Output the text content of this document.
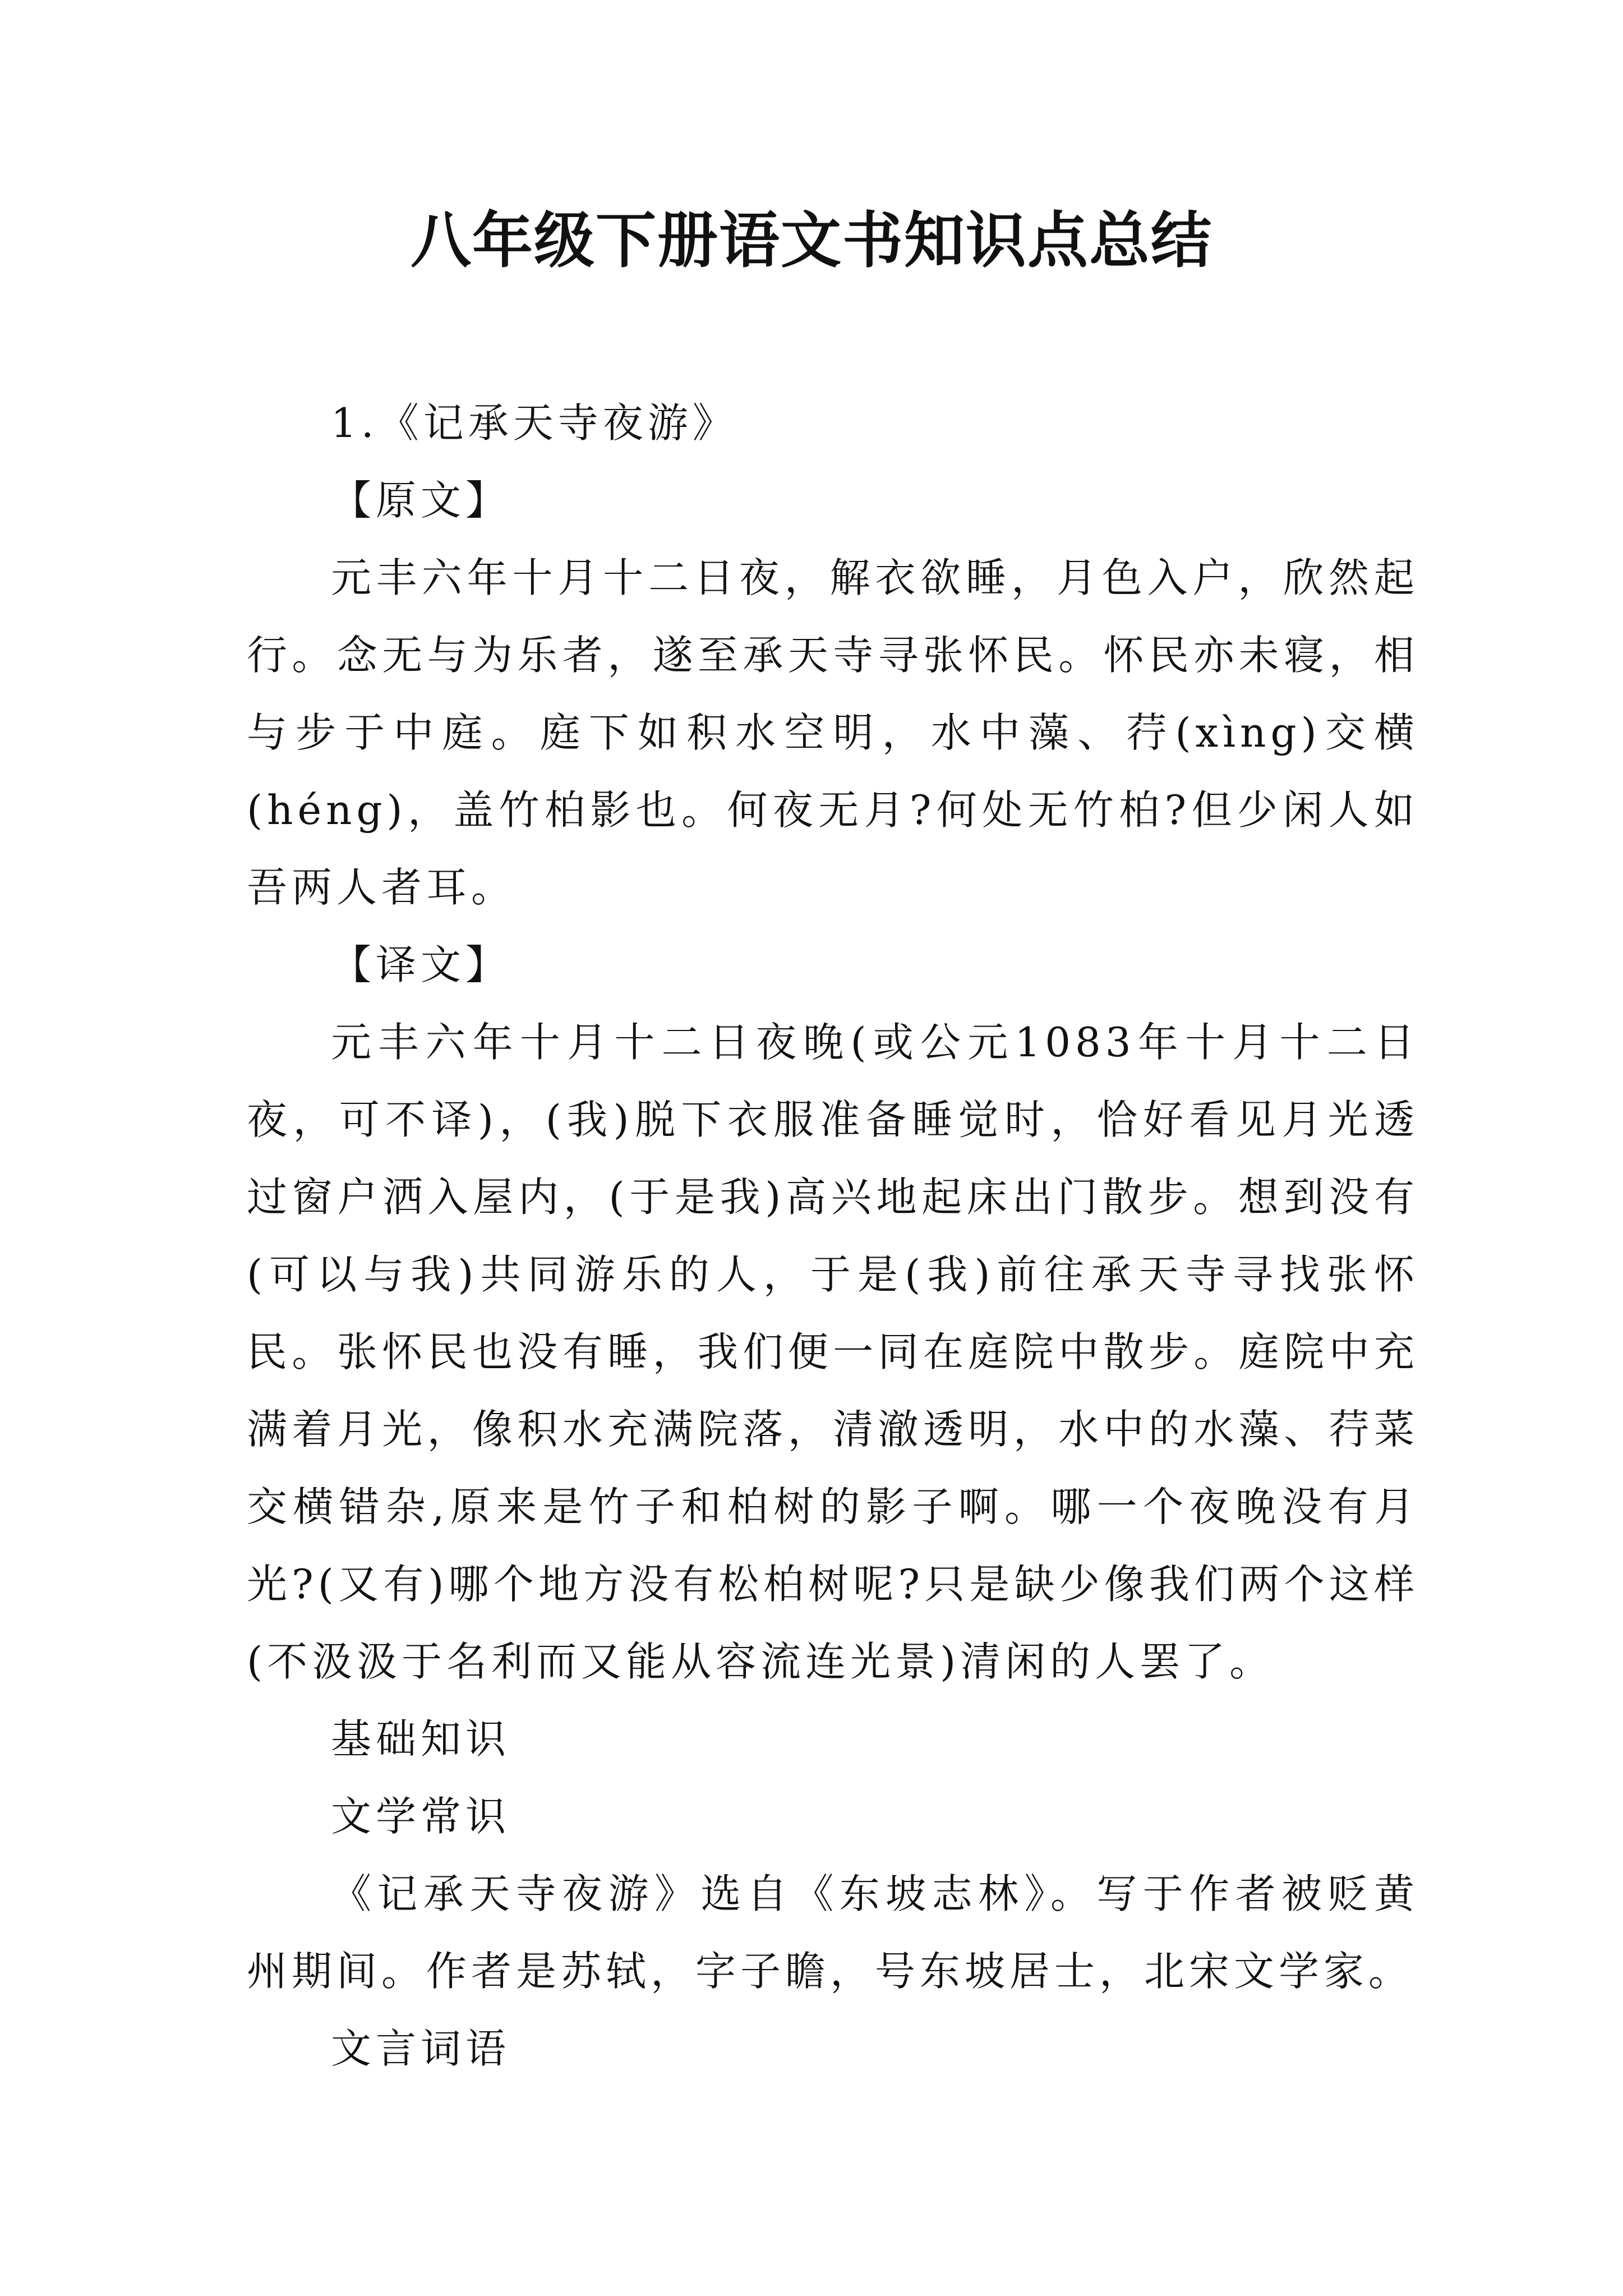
八年级下册语文书知识点总结

1.《记承天寺夜游》

【原文】

元丰六年十月十二日夜，解衣欲睡，月色入户，欣然起行。念无与为乐者，遂至承天寺寻张怀民。怀民亦未寝，相与步于中庭。庭下如积水空明，水中藻、荇(xìng)交横(héng)，盖竹柏影也。何夜无月?何处无竹柏?但少闲人如吾两人者耳。

【译文】

元丰六年十月十二日夜晚(或公元1083年十月十二日夜，可不译)，(我)脱下衣服准备睡觉时，恰好看见月光透过窗户洒入屋内，(于是我)高兴地起床出门散步。想到没有(可以与我)共同游乐的人，于是(我)前往承天寺寻找张怀民。张怀民也没有睡，我们便一同在庭院中散步。庭院中充满着月光，像积水充满院落，清澈透明，水中的水藻、荇菜交横错杂,原来是竹子和柏树的影子啊。哪一个夜晚没有月光?(又有)哪个地方没有松柏树呢?只是缺少像我们两个这样(不汲汲于名利而又能从容流连光景)清闲的人罢了。

基础知识

文学常识

《记承天寺夜游》选自《东坡志林》。写于作者被贬黄州期间。作者是苏轼，字子瞻，号东坡居士，北宋文学家。

文言词语
